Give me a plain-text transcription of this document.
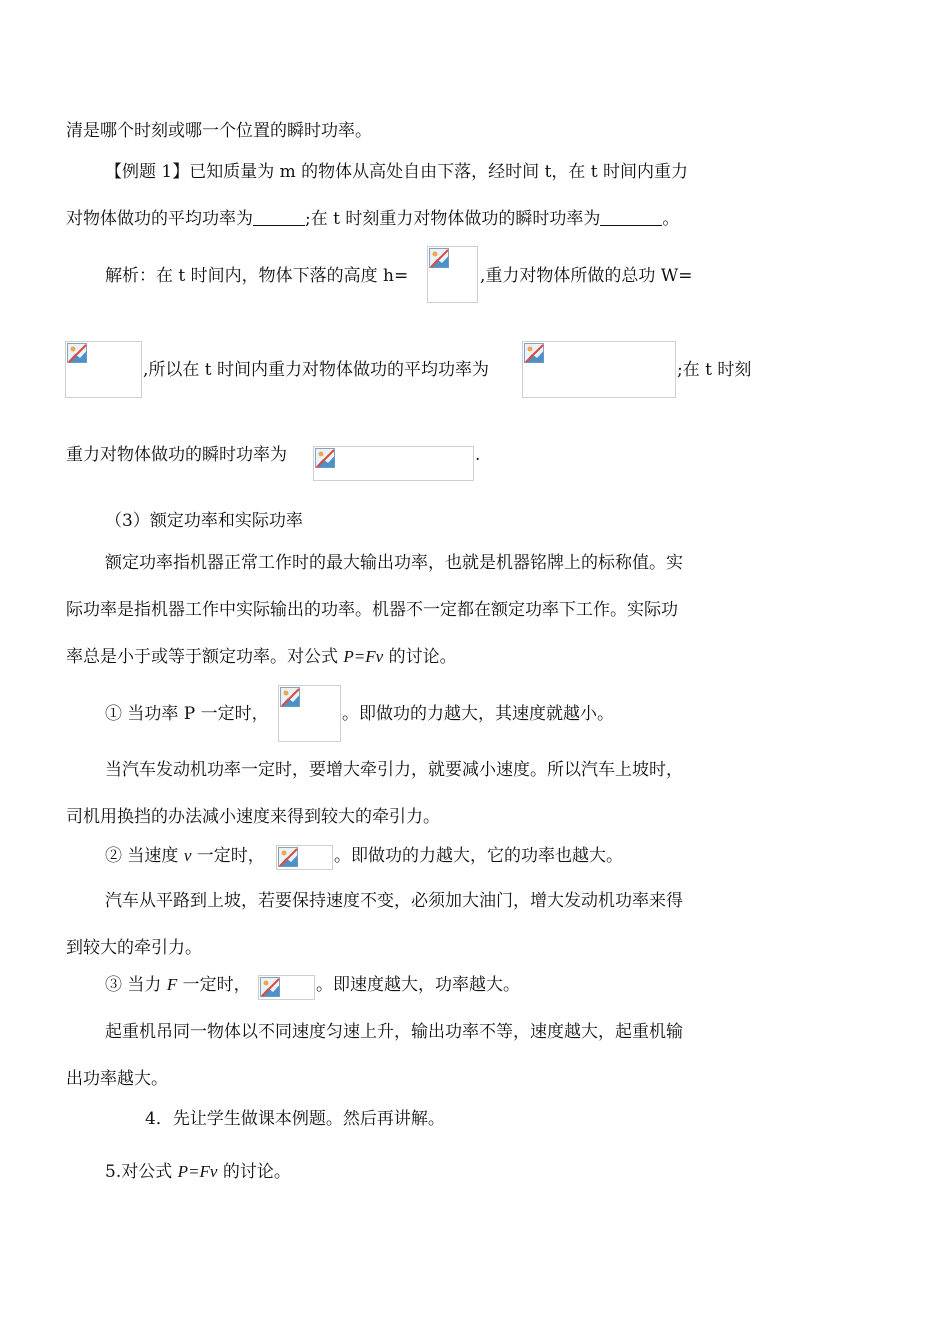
清是哪个时刻或哪一个位置的瞬时功率。
【例题 1】已知质量为 m 的物体从高处自由下落，经时间 t，在 t 时间内重力
对物体做功的平均功率为	;在 t 时刻重力对物体做功的瞬时功率为	。
解析：在 t 时间内，物体下落的高度 h=	,重力对物体所做的总功 W=
,所以在 t 时间内重力对物体做功的平均功率为	;在 t 时刻
重力对物体做功的瞬时功率为	.
（3）额定功率和实际功率
额定功率指机器正常工作时的最大输出功率，也就是机器铭牌上的标称值。实
际功率是指机器工作中实际输出的功率。机器不一定都在额定功率下工作。实际功
率总是小于或等于额定功率。对公式 P=Fv 的讨论。
① 当功率 P 一定时，	。即做功的力越大，其速度就越小。
当汽车发动机功率一定时，要增大牵引力，就要减小速度。所以汽车上坡时，
司机用换挡的办法减小速度来得到较大的牵引力。
② 当速度 v 一定时，	。即做功的力越大，它的功率也越大。
汽车从平路到上坡，若要保持速度不变，必须加大油门，增大发动机功率来得
到较大的牵引力。
③ 当力 F 一定时，	。即速度越大，功率越大。
起重机吊同一物体以不同速度匀速上升，输出功率不等，速度越大，起重机输
出功率越大。
4．先让学生做课本例题。然后再讲解。
5.对公式 P=Fv 的讨论。
